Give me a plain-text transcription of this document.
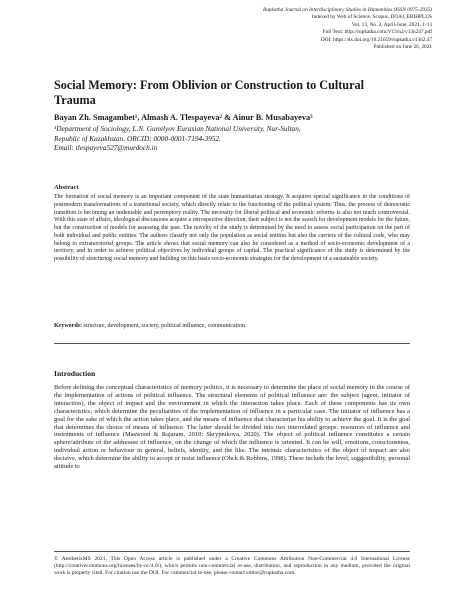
Rupkatha Journal on Interdisciplinary Studies in Humanities (ISSN 0975-2935)
Indexed by Web of Science, Scopus, DOAJ, ERIHPLUS
Vol. 13, No. 2, April-June, 2021. 1-13
Full Text: http://rupkatha.com/V13/n2/v13n247.pdf
DOI: https://dx.doi.org/10.21659/rupkatha.v13n2.47
Published on June 26, 2021
Social Memory: From Oblivion or Construction to Cultural Trauma
Bayan Zh. Smagambet¹, Almash A. Tlespayeva² & Ainur B. Musabayeva³
¹Department of Sociology, L.N. Gumilyov Eurasian National University, Nur-Sultan,
Republic of Kazakhstan. ORCID: 0000-0001-7194-3952.
Email: tlespayeva527@murdoch.in
Abstract

The formation of social memory is an important component of the state humanitarian strategy. It acquires special significance in the conditions of postmodern transformations of a transitional society, which directly relate to the functioning of the political system. Thus, the process of democratic transition is becoming an undeniable and peremptory reality. The necessity for liberal political and economic reforms is also not much controversial. With this state of affairs, ideological discussions acquire a retrospective direction, their subject is not the search for development models for the future, but the construction of models for assessing the past. The novelty of the study is determined by the need to assess social participation on the part of both individual and public entities. The authors classify not only the population as social entities but also the carriers of the cultural code, who may belong to extraterritorial groups. The article shows that social memory can also be considered as a method of socio-economic development of a territory, and in order to achieve political objectives by individual groups of capital. The practical significance of the study is determined by the possibility of structuring social memory and building on this basis socio-economic strategies for the development of a sustainable society.

Keywords: structure, development, society, political influence, communication.
Introduction

Before defining the conceptual characteristics of memory politics, it is necessary to determine the place of social memory in the course of the implementation of actions of political influence. The structural elements of political influence are: the subject (agent, initiator of interaction), the object of impact and the environment in which the interaction takes place. Each of these components has its own characteristics, which determine the peculiarities of the implementation of influence in a particular case. The initiator of influence has a goal for the sake of which the action takes place, and the means of influence that characterise his ability to achieve the goal. It is the goal that determines the choice of means of influence. The latter should be divided into two interrelated groups: resources of influence and instruments of influence (Maswood & Rajaram, 2019; Skrypnikova, 2020). The object of political influence constitutes a certain sphere/attribute of the addressee of influence, on the change of which the influence is oriented. It can be will, emotions, consciousness, individual action or behaviour in general, beliefs, identity, and the like. The intrinsic characteristics of the object of impact are also decisive, which determine the ability to accept or resist influence (Ohck & Robbins, 1998). These include the level, suggestibility, personal attitude to

© AesthetixMS 2021. This Open Access article is published under a Creative Commons Attribution Non-Commercial 4.0 International License (http://creativecommons.org/licenses/by-nc/4.0/), which permits non-commercial re-use, distribution, and reproduction in any medium, provided the original work is properly cited. For citation use the DOI. For commercial re-use, please contact editor@rupkatha.com.
